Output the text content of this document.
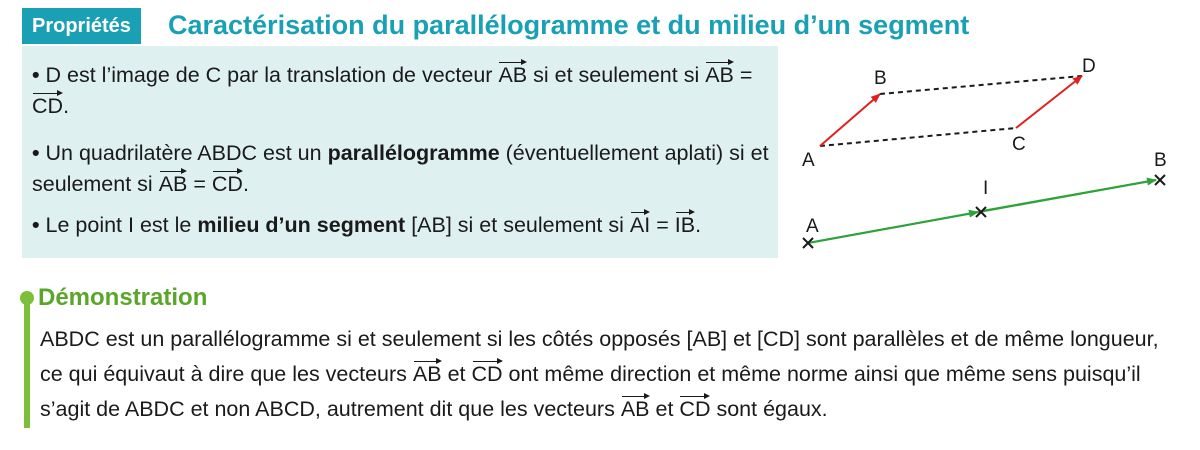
Propriétés	Caractérisation du parallélogramme et du milieu d’un segment
• D est l’image de C par la translation de vecteur AB si et seulement si AB = CD.
• Un quadrilatère ABDC est un parallélogramme (éventuellement aplati) si et seulement si AB = CD.
• Le point I est le milieu d’un segment [AB] si et seulement si AI = IB.
A
B
C
D
A
I
B
Démonstration
ABDC est un parallélogramme si et seulement si les côtés opposés [AB] et [CD] sont parallèles et de même longueur, ce qui équivaut à dire que les vecteurs AB et CD ont même direction et même norme ainsi que même sens puisqu’il s’agit de ABDC et non ABCD, autrement dit que les vecteurs AB et CD sont égaux.
